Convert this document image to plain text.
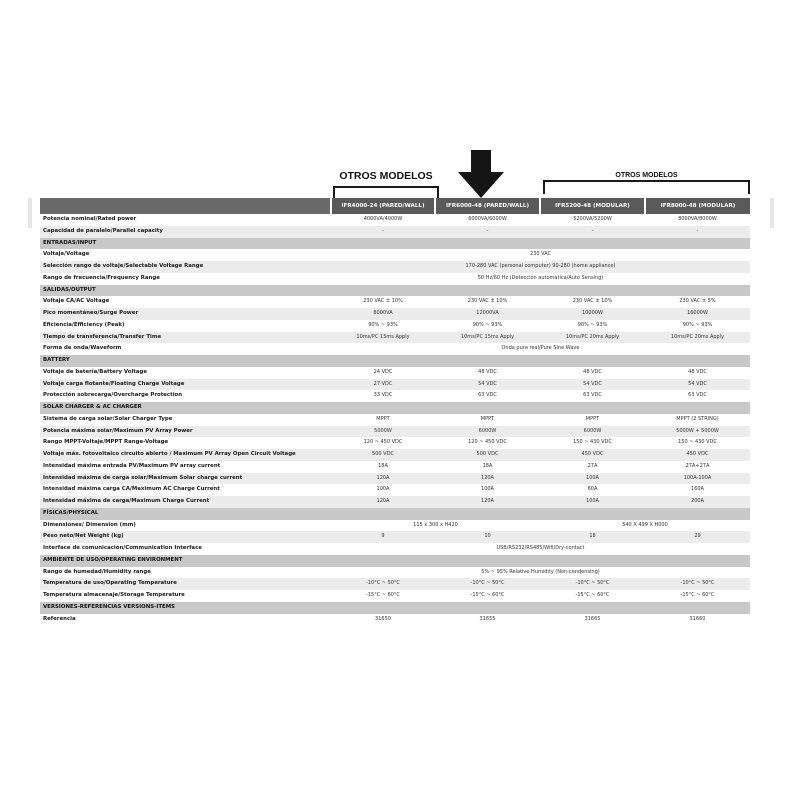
OTROS MODELOS	OTROS MODELOS
	IFR4000-24 (PARED/WALL)	IFR6000-48 (PARED/WALL)	IFR5200-48 (MODULAR)	IFR8000-48 (MODULAR)
Potencia nominal/Rated power	4000VA/4000W	6000VA/6000W	5200VA/5200W	8000VA/8000W
Capacidad de paralelo/Parallel capacity	-	-	-	-
ENTRADAS/INPUT				
Voltaje/Voltage	230 VAC			
Selección rango de voltaje/Selectable Voltage Range	170-280 VAC (personal computer) 90-280 (home appliance)			
Rango de frecuencia/Frequency Range	50 Hz/60 Hz (Detección automatica/Auto Sensing)			
SALIDAS/OUTPUT				
Voltaje CA/AC Voltage	230 VAC ± 10%	230 VAC ± 10%	230 VAC ± 10%	230 VAC ± 5%
Pico momentáneo/Surge Power	8000VA	12000VA	10000W	16000W
Eficiencia/Efficiency (Peak)	90% ~ 93%	90% ~ 93%	90% ~ 93%	90% ~ 93%
Tiempo de transferencia/Transfer Time	10ms/PC 15ms Apply	10ms/PC 15ms Apply	10ms/PC 20ms Apply	10ms/PC 20ms Apply
Forma de onda/Waveform	Onda pura real/Pure Sine Wave			
BATTERY				
Voltaje de batería/Battery Voltage	24 VDC	48 VDC	48 VDC	48 VDC
Voltaje carga flotante/Floating Charge Voltage	27 VDC	54 VDC	54 VDC	54 VDC
Protección sobrecarga/Overcharge Protection	33 VDC	63 VDC	63 VDC	63 VDC
SOLAR CHARGER & AC CHARGER				
Sistema de carga solar/Solar Charger Type	MPPT	MPPT	MPPT	MPPT (2 STRING)
Potencia máxima solar/Maximum PV Array Power	5000W	6000W	6000W	5000W + 5000W
Rango MPPT-Voltaje/MPPT Range-Voltage	120 ~ 450 VDC	120 ~ 450 VDC	150 ~ 430 VDC	150 ~ 430 VDC
Voltaje máx. fotovoltaico circuito abierto / Maximum PV Array Open Circuit Voltage	500 VDC	500 VDC	450 VDC	450 VDC
Intensidad máxima entrada PV/Maximum PV array current	18A	18A	27A	27A+27A
Intensidad máxima de carga solar/Maximum Solar charge current	120A	120A	100A	100A-100A
Intensidad máxima carga CA/Maximum AC Charge Current	100A	100A	60A	160A
Intensidad máxima de carga/Maximum Charge Current	120A	120A	100A	200A
FÍSICAS/PHYSICAL				
Dimensiones/ Dimension (mm)	115 x 300 x H420		540 X 499 X H000	
Peso neto/Net Weight (kg)	9	10	18	29
Interface de comunicación/Communication Interface	USB/RS232/RS485/Wifi/Dry-contact			
AMBIENTE DE USO/OPERATING ENVIRONMENT				
Rango de humedad/Humidity range	5% ~ 95% Relative Humidity (Non-condensing)			
Temperatura de uso/Operating Temperature	-10°C ~ 50°C	-10°C ~ 50°C	-10°C ~ 50°C	-10°C ~ 50°C
Temperatura almacenaje/Storage Temperature	-15°C ~ 60°C	-15°C ~ 60°C	-15°C ~ 60°C	-15°C ~ 60°C
VERSIONES-REFERENCIAS VERSIONS-ITEMS				
Referencia	31650	31655	31665	31660
